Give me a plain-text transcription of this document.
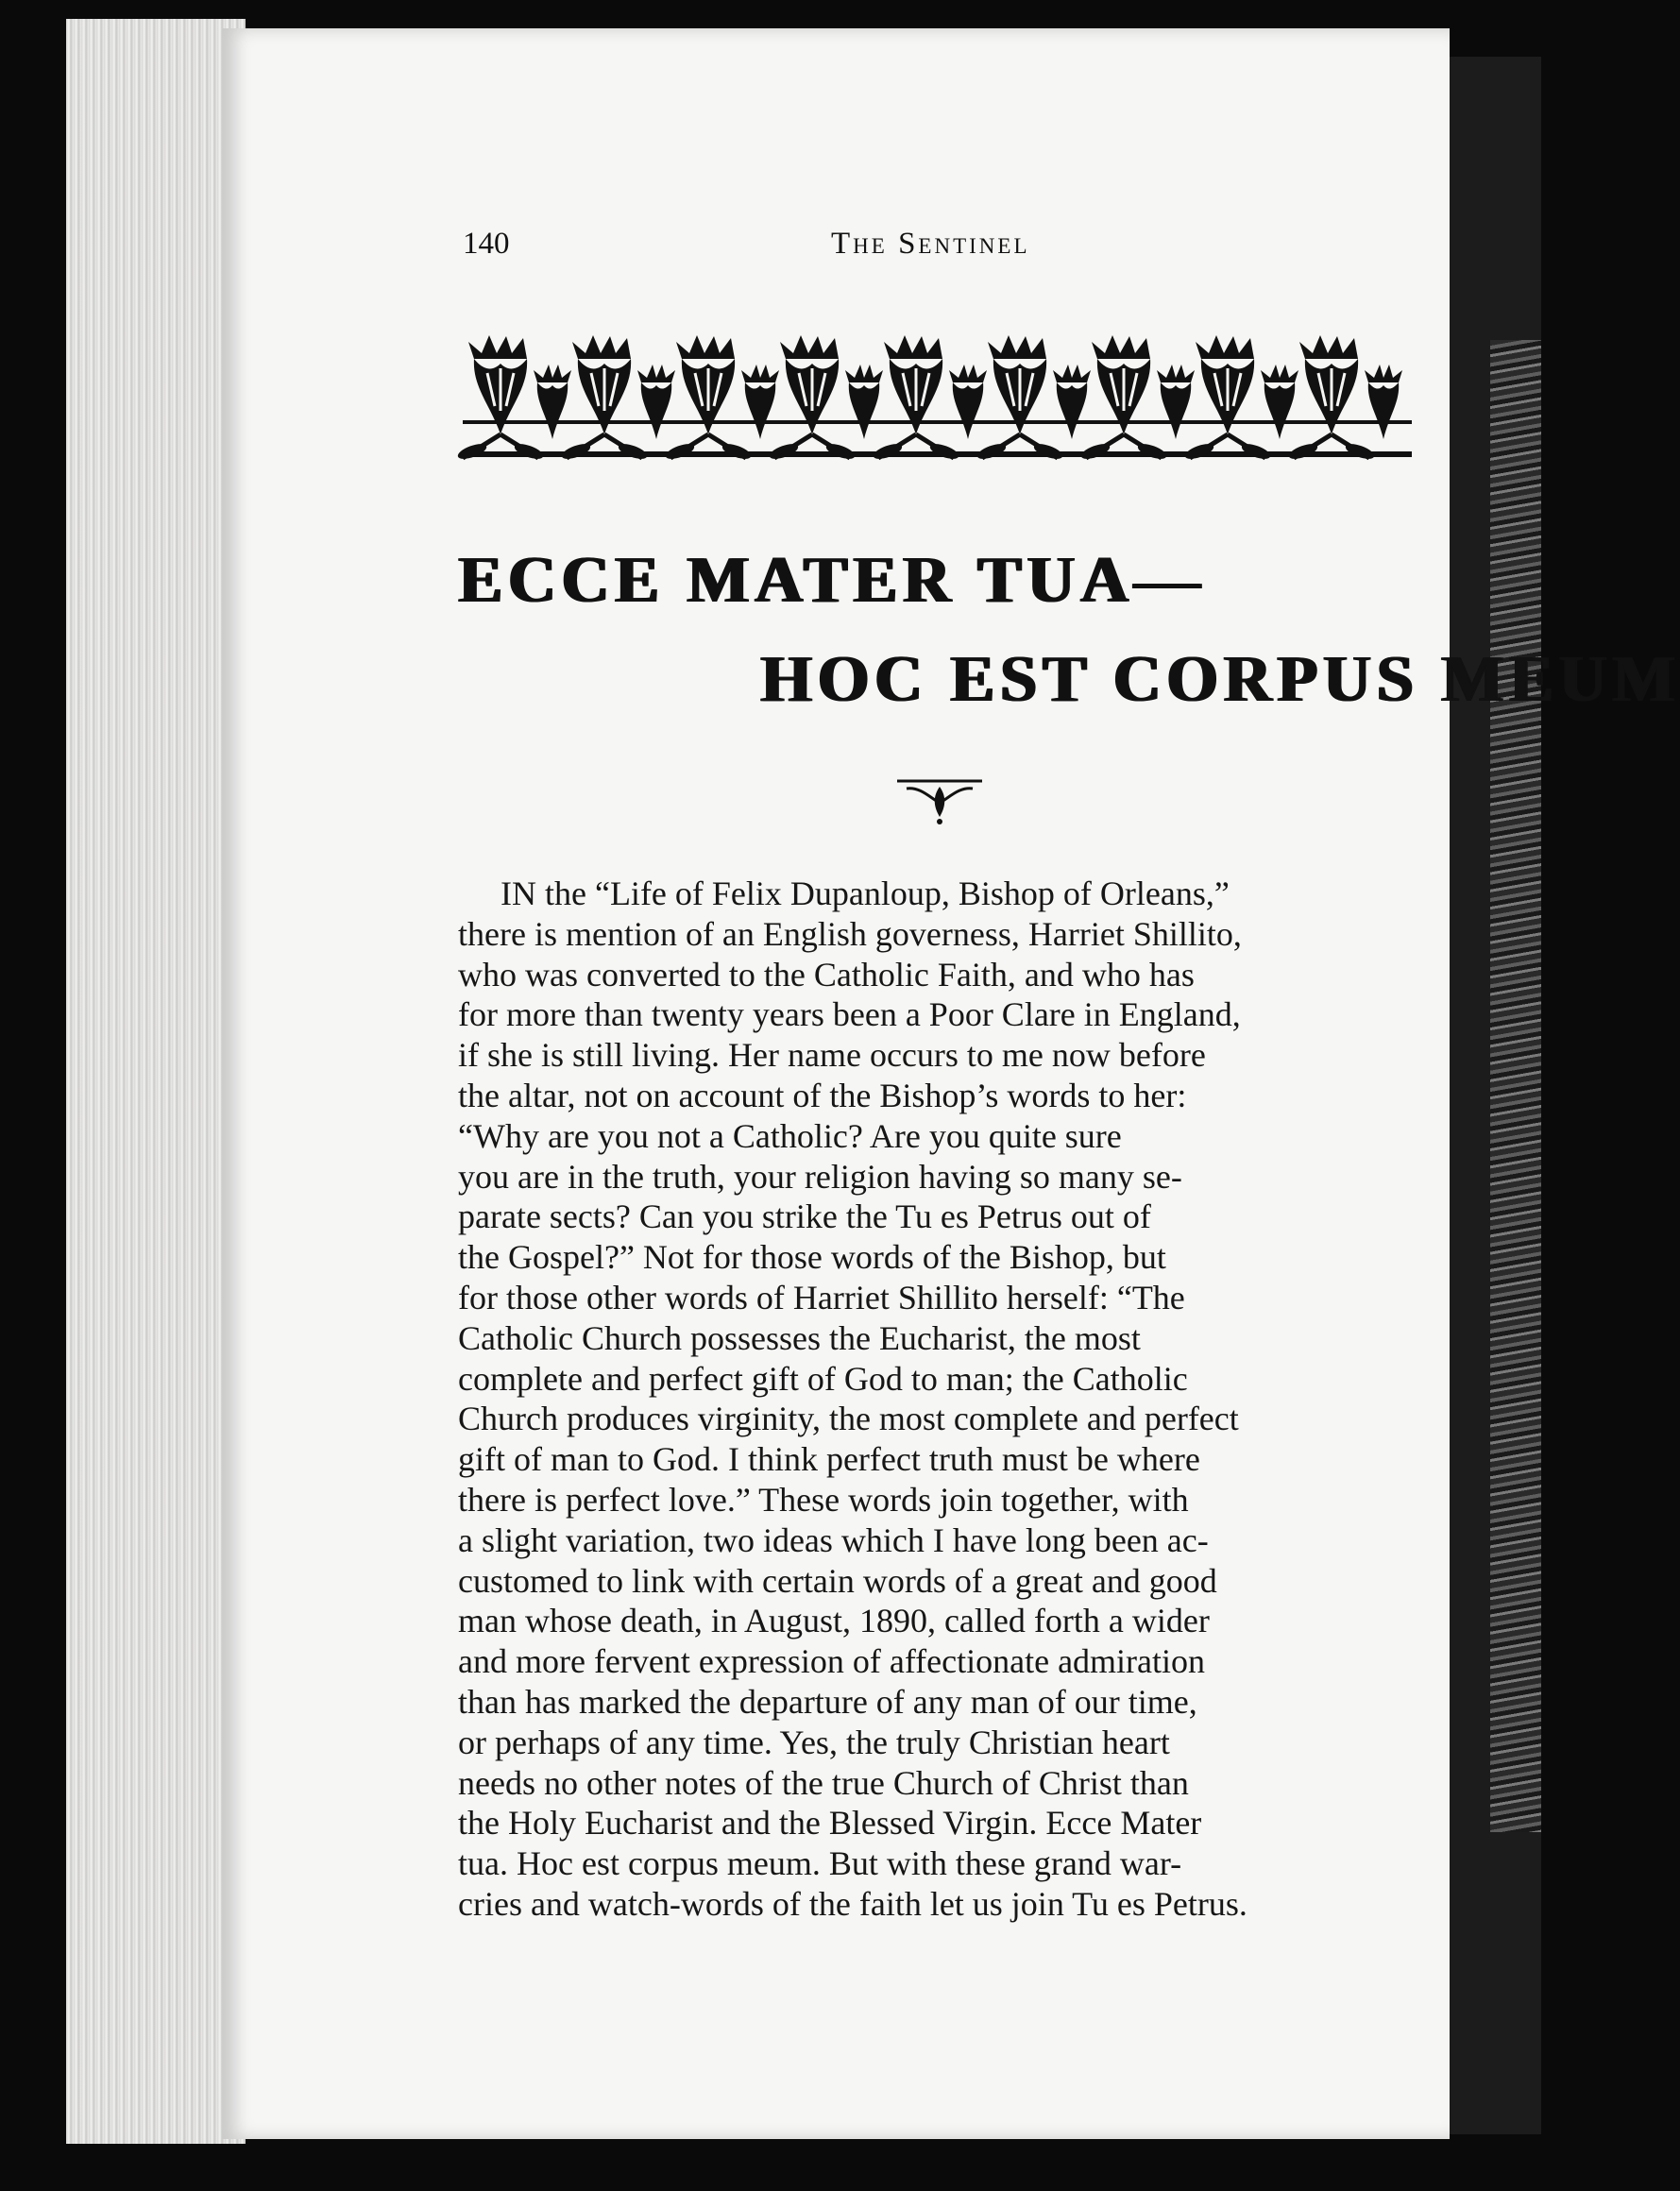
140	The Sentinel
ECCE MATER TUA—
HOC EST CORPUS MEUM
IN the “Life of Felix Dupanloup, Bishop of Orleans,”
there is mention of an English governess, Harriet Shillito,
who was converted to the Catholic Faith, and who has
for more than twenty years been a Poor Clare in England,
if she is still living. Her name occurs to me now before
the altar, not on account of the Bishop’s words to her:
“Why are you not a Catholic? Are you quite sure
you are in the truth, your religion having so many se-
parate sects? Can you strike the Tu es Petrus out of
the Gospel?” Not for those words of the Bishop, but
for those other words of Harriet Shillito herself: “The
Catholic Church possesses the Eucharist, the most
complete and perfect gift of God to man; the Catholic
Church produces virginity, the most complete and perfect
gift of man to God. I think perfect truth must be where
there is perfect love.” These words join together, with
a slight variation, two ideas which I have long been ac-
customed to link with certain words of a great and good
man whose death, in August, 1890, called forth a wider
and more fervent expression of affectionate admiration
than has marked the departure of any man of our time,
or perhaps of any time. Yes, the truly Christian heart
needs no other notes of the true Church of Christ than
the Holy Eucharist and the Blessed Virgin. Ecce Mater
tua. Hoc est corpus meum. But with these grand war-
cries and watch-words of the faith let us join Tu es Petrus.
